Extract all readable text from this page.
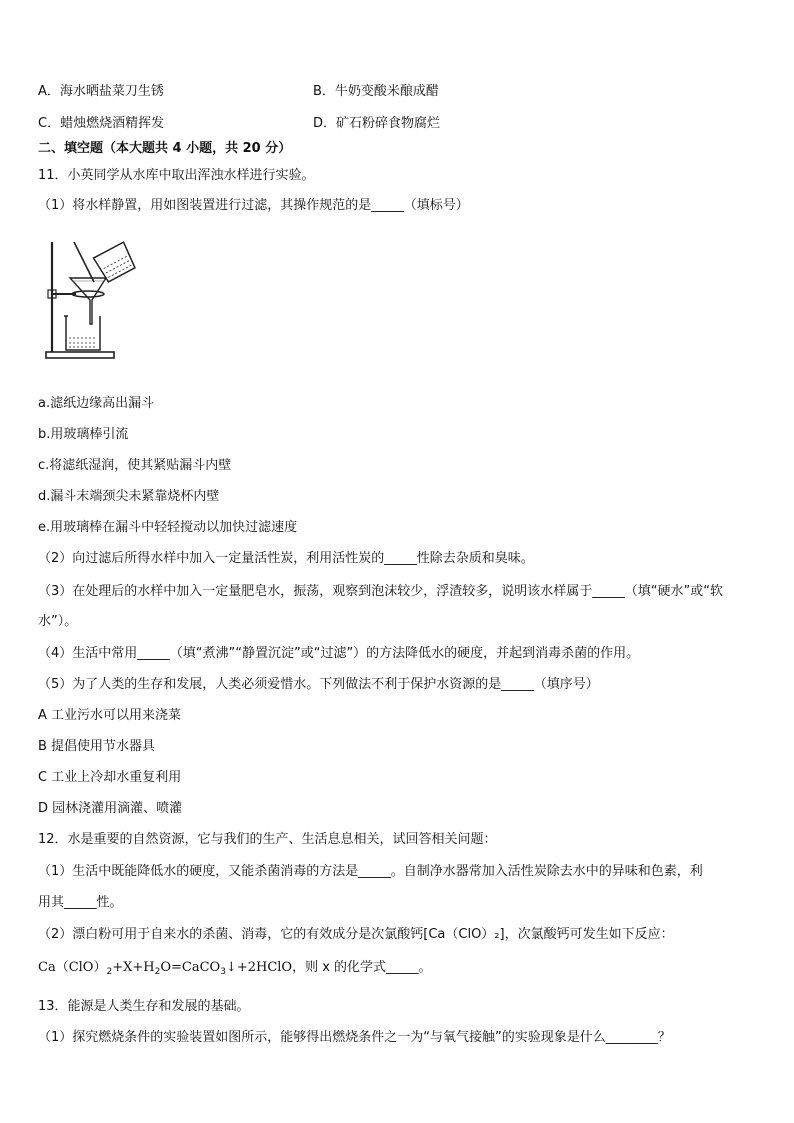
A．海水晒盐菜刀生锈	B．牛奶变酸米酿成醋
C．蜡烛燃烧酒精挥发	D．矿石粉碎食物腐烂
二、填空题（本大题共 4 小题，共 20 分）
11．小英同学从水库中取出浑浊水样进行实验。
（1）将水样静置，用如图装置进行过滤，其操作规范的是_____（填标号）
a.滤纸边缘高出漏斗
b.用玻璃棒引流
c.将滤纸湿润，使其紧贴漏斗内壁
d.漏斗末端颈尖未紧靠烧杯内壁
e.用玻璃棒在漏斗中轻轻搅动以加快过滤速度
（2）向过滤后所得水样中加入一定量活性炭，利用活性炭的_____性除去杂质和臭味。
（3）在处理后的水样中加入一定量肥皂水，振荡，观察到泡沫较少，浮渣较多，说明该水样属于_____（填“硬水”或“软
水”）。
（4）生活中常用_____（填“煮沸”“静置沉淀”或“过滤”）的方法降低水的硬度，并起到消毒杀菌的作用。
（5）为了人类的生存和发展，人类必须爱惜水。下列做法不利于保护水资源的是_____（填序号）
A 工业污水可以用来浇菜
B 提倡使用节水器具
C 工业上冷却水重复利用
D 园林浇灌用滴灌、喷灌
12．水是重要的自然资源，它与我们的生产、生活息息相关，试回答相关问题：
（1）生活中既能降低水的硬度，又能杀菌消毒的方法是_____。自制净水器常加入活性炭除去水中的异味和色素，利
用其_____性。
（2）漂白粉可用于自来水的杀菌、消毒，它的有效成分是次氯酸钙[Ca（ClO）₂]，次氯酸钙可发生如下反应：
$Ca(ClO)_2+X+H_2O=CaCO_3↓+2HClO$，则 x 的化学式_____。
13．能源是人类生存和发展的基础。
（1）探究燃烧条件的实验装置如图所示，能够得出燃烧条件之一为“与氧气接触”的实验现象是什么________？
